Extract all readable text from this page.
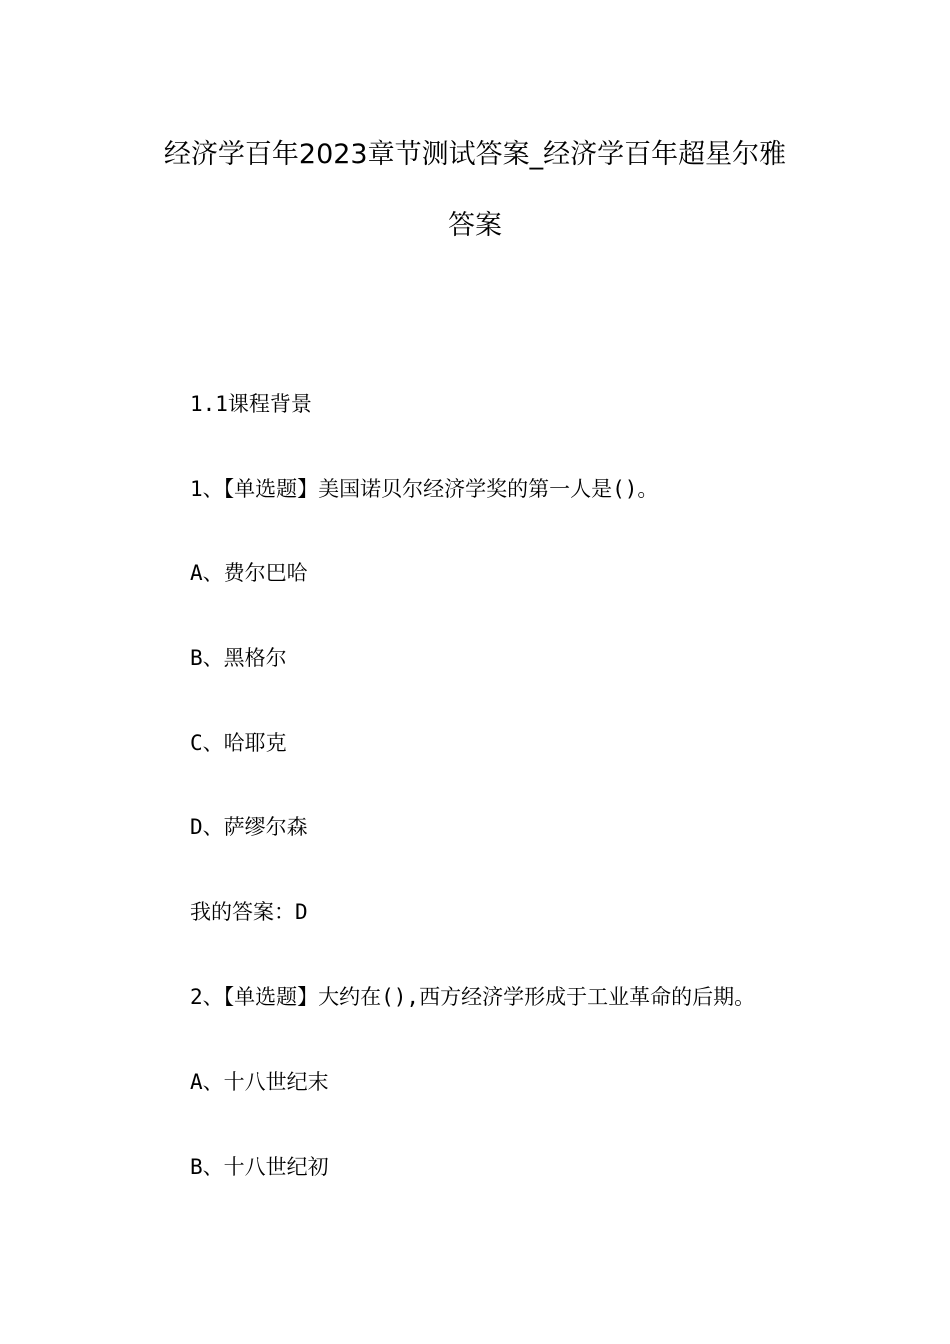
经济学百年2023章节测试答案_经济学百年超星尔雅
答案
1.1课程背景
1、【单选题】美国诺贝尔经济学奖的第一人是()。
A、费尔巴哈
B、黑格尔
C、哈耶克
D、萨缪尔森
我的答案：D
2、【单选题】大约在(),西方经济学形成于工业革命的后期。
A、十八世纪末
B、十八世纪初
